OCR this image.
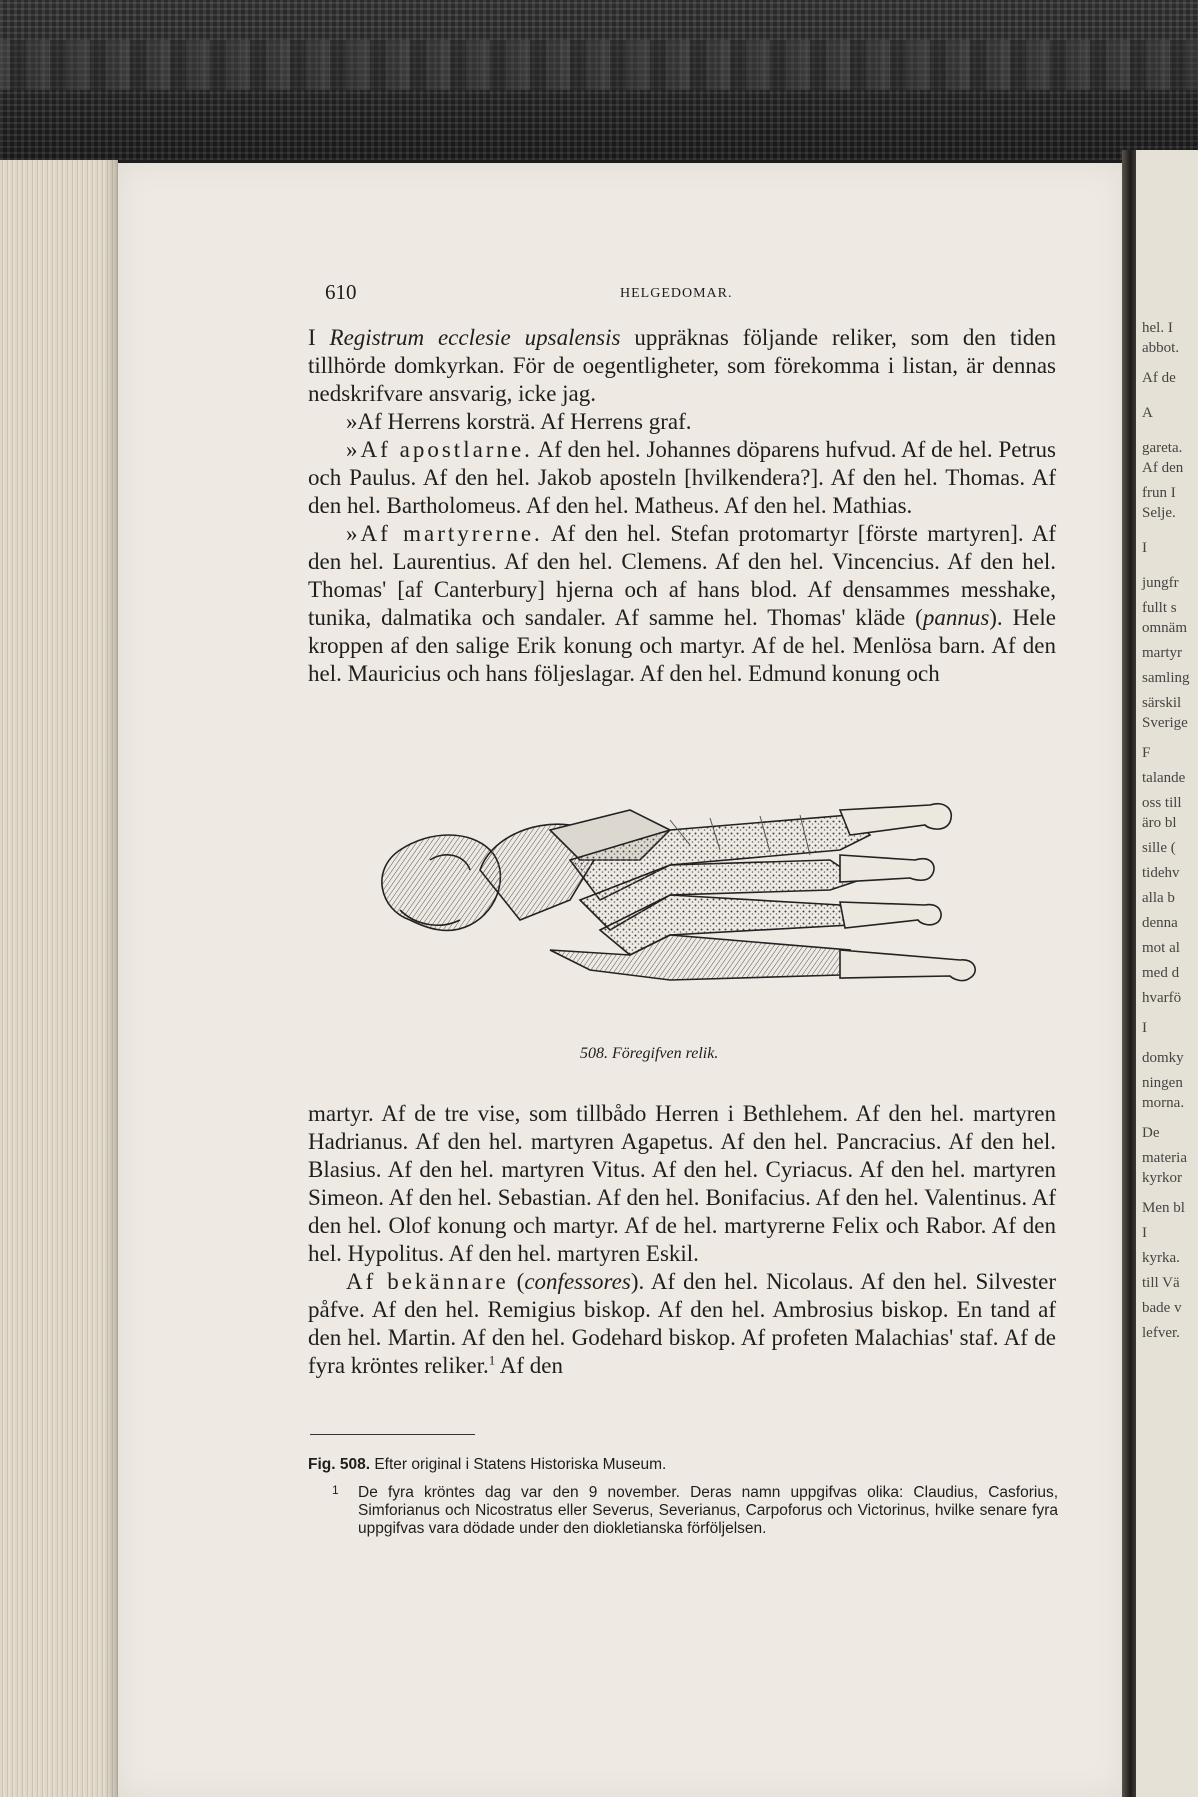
hel. I
abbot.
Af de
A
gareta.
Af den
frun I
Selje.
I
jungfr
fullt s
omnäm
martyr
samling
särskil
Sverige
F
talande
oss till
äro bl
sille (
tidehv
alla b
denna
mot al
med d
hvarfö
I
domky
ningen
morna.
De
materia
kyrkor
Men bl
I
kyrka.
till Vä
bade v
lefver.
610	HELGEDOMAR.

I Registrum ecclesie upsalensis uppräknas följande reliker, som den tiden tillhörde domkyrkan. För de oegentligheter, som förekomma i listan, är dennas nedskrifvare ansvarig, icke jag.

»Af Herrens korsträ. Af Herrens graf.

»Af apostlarne. Af den hel. Johannes döparens hufvud. Af de hel. Petrus och Paulus. Af den hel. Jakob aposteln [hvilkendera?]. Af den hel. Thomas. Af den hel. Bartholomeus. Af den hel. Matheus. Af den hel. Mathias.

»Af martyrerne. Af den hel. Stefan protomartyr [förste martyren]. Af den hel. Laurentius. Af den hel. Clemens. Af den hel. Vincencius. Af den hel. Thomas' [af Canterbury] hjerna och af hans blod. Af densammes messhake, tunika, dalmatika och sandaler. Af samme hel. Thomas' kläde (pannus). Hele kroppen af den salige Erik konung och martyr. Af de hel. Menlösa barn. Af den hel. Mauricius och hans följeslagar. Af den hel. Edmund konung och

508. Föregifven relik.

martyr. Af de tre vise, som tillbådo Herren i Bethlehem. Af den hel. martyren Hadrianus. Af den hel. martyren Agapetus. Af den hel. Pancracius. Af den hel. Blasius. Af den hel. martyren Vitus. Af den hel. Cyriacus. Af den hel. martyren Simeon. Af den hel. Sebastian. Af den hel. Bonifacius. Af den hel. Valentinus. Af den hel. Olof konung och martyr. Af de hel. martyrerne Felix och Rabor. Af den hel. Hypolitus. Af den hel. martyren Eskil.

Af bekännare (confessores). Af den hel. Nicolaus. Af den hel. Silvester påfve. Af den hel. Remigius biskop. Af den hel. Ambrosius biskop. En tand af den hel. Martin. Af den hel. Godehard biskop. Af profeten Malachias' staf. Af de fyra kröntes reliker.$^1$ Af den

Fig. 508. Efter original i Statens Historiska Museum.
1	De fyra kröntes dag var den 9 november. Deras namn uppgifvas olika: Claudius, Casforius, Simforianus och Nicostratus eller Severus, Severianus, Carpoforus och Victorinus, hvilke senare fyra uppgifvas vara dödade under den diokletianska förföljelsen.
